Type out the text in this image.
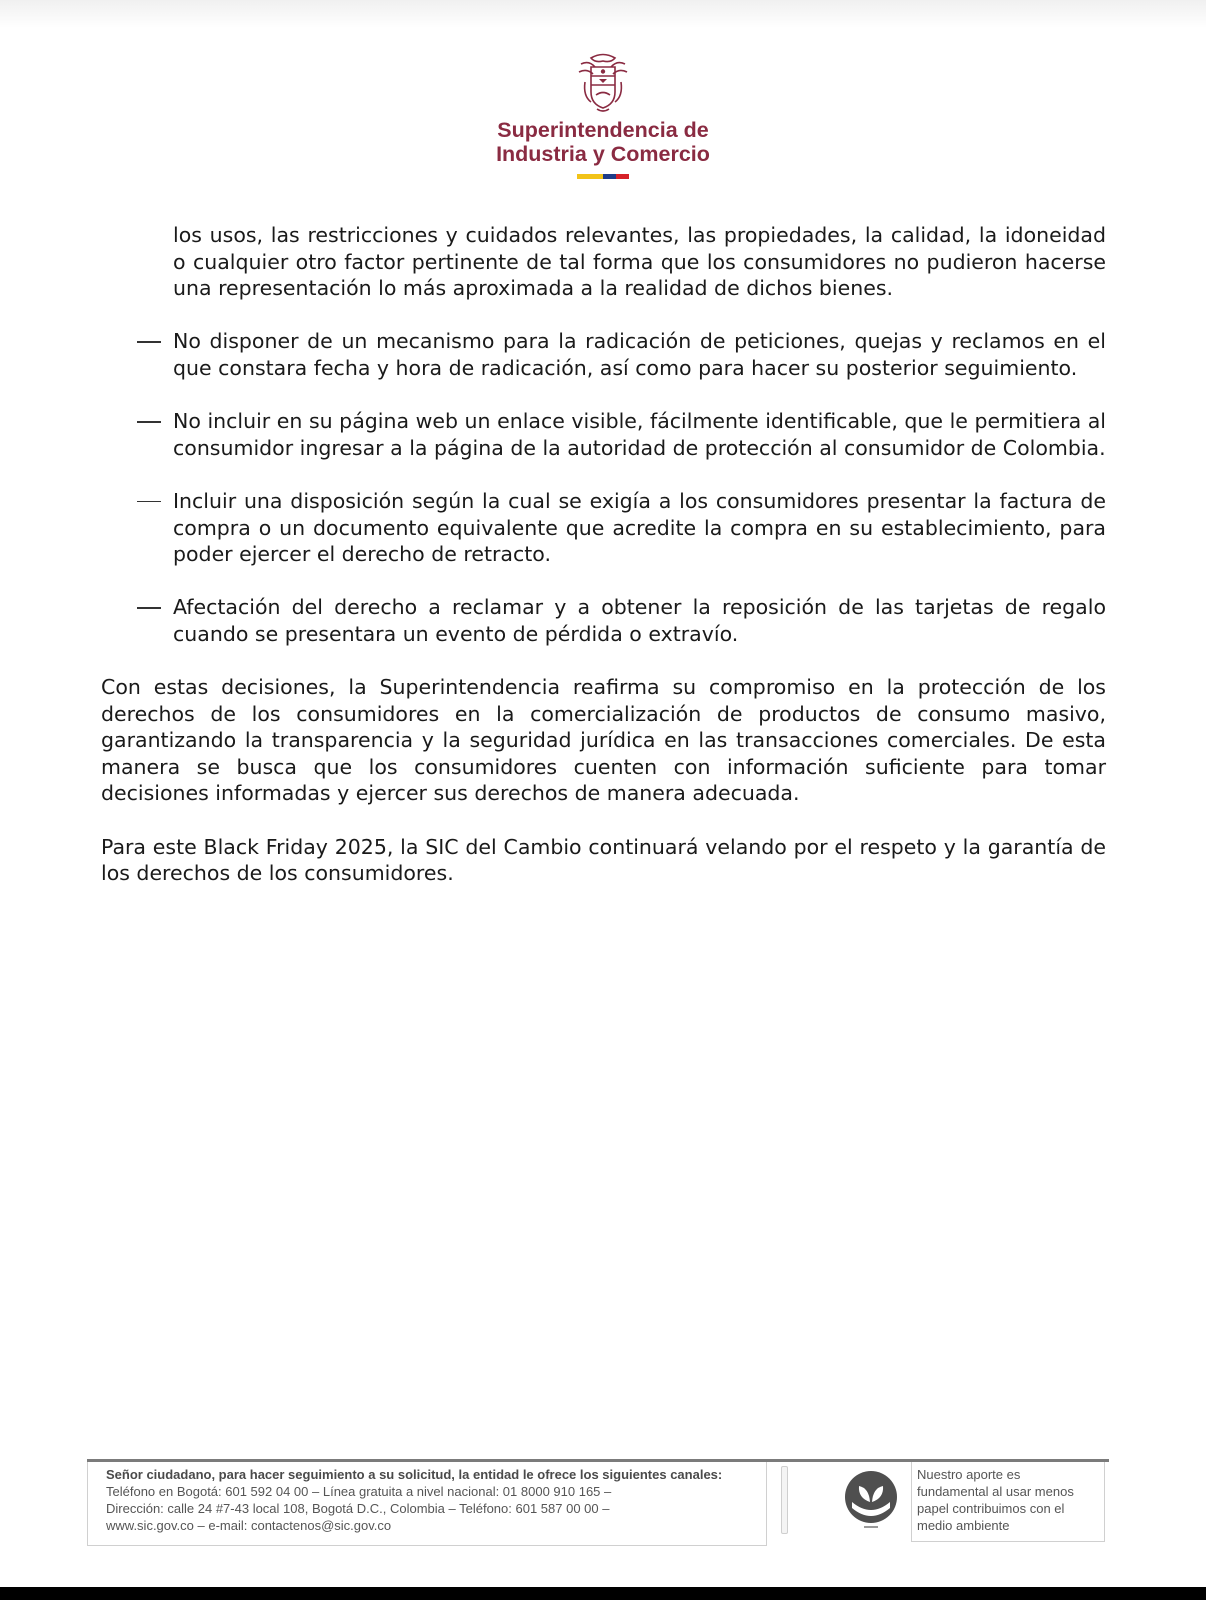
Superintendencia de
Industria y Comercio

los usos, las restricciones y cuidados relevantes, las propiedades, la calidad, la idoneidad o cualquier otro factor pertinente de tal forma que los consumidores no pudieron hacerse una representación lo más aproximada a la realidad de dichos bienes.

No disponer de un mecanismo para la radicación de peticiones, quejas y reclamos en el que constara fecha y hora de radicación, así como para hacer su posterior seguimiento.

No incluir en su página web un enlace visible, fácilmente identificable, que le permitiera al consumidor ingresar a la página de la autoridad de protección al consumidor de Colombia.

Incluir una disposición según la cual se exigía a los consumidores presentar la factura de compra o un documento equivalente que acredite la compra en su establecimiento, para poder ejercer el derecho de retracto.

Afectación del derecho a reclamar y a obtener la reposición de las tarjetas de regalo cuando se presentara un evento de pérdida o extravío.

Con estas decisiones, la Superintendencia reafirma su compromiso en la protección de los derechos de los consumidores en la comercialización de productos de consumo masivo, garantizando la transparencia y la seguridad jurídica en las transacciones comerciales. De esta manera se busca que los consumidores cuenten con información suficiente para tomar decisiones informadas y ejercer sus derechos de manera adecuada.

Para este Black Friday 2025, la SIC del Cambio continuará velando por el respeto y la garantía de los derechos de los consumidores.

Señor ciudadano, para hacer seguimiento a su solicitud, la entidad le ofrece los siguientes canales:
Teléfono en Bogotá: 601 592 04 00 – Línea gratuita a nivel nacional: 01 8000 910 165 –
Dirección: calle 24 #7-43 local 108, Bogotá D.C., Colombia – Teléfono: 601 587 00 00 –
www.sic.gov.co – e-mail: contactenos@sic.gov.co
Nuestro aporte es
fundamental al usar menos
papel contribuimos con el
medio ambiente
